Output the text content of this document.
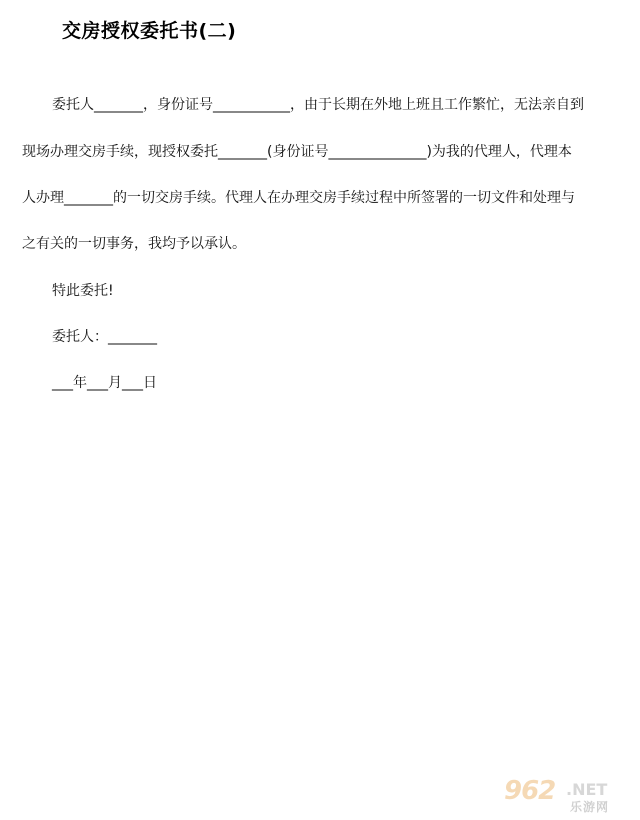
交房授权委托书(二)
委托人_______，身份证号___________，由于长期在外地上班且工作繁忙，无法亲自到
现场办理交房手续，现授权委托_______(身份证号______________)为我的代理人，代理本
人办理_______的一切交房手续。代理人在办理交房手续过程中所签署的一切文件和处理与
之有关的一切事务，我均予以承认。
特此委托!
委托人：_______
___年___月___日
962 .NET
乐游网
